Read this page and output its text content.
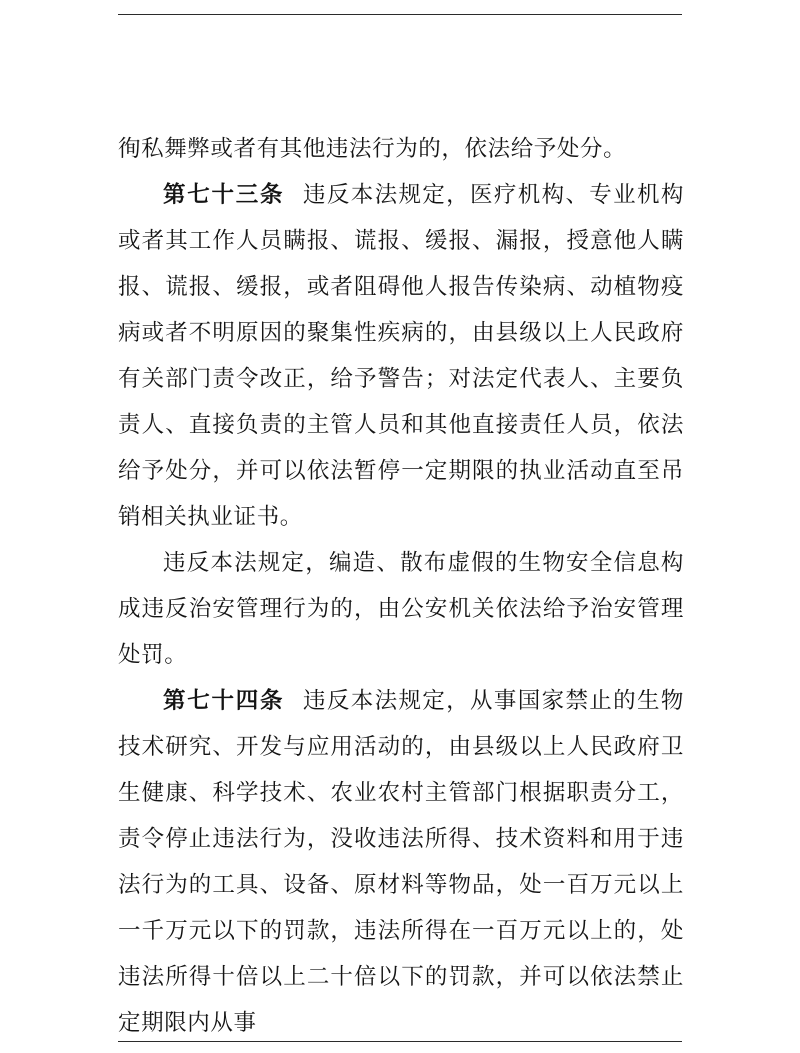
徇私舞弊或者有其他违法行为的，依法给予处分。

第七十三条 违反本法规定，医疗机构、专业机构或者其工作人员瞒报、谎报、缓报、漏报，授意他人瞒报、谎报、缓报，或者阻碍他人报告传染病、动植物疫病或者不明原因的聚集性疾病的，由县级以上人民政府有关部门责令改正，给予警告；对法定代表人、主要负责人、直接负责的主管人员和其他直接责任人员，依法给予处分，并可以依法暂停一定期限的执业活动直至吊销相关执业证书。

违反本法规定，编造、散布虚假的生物安全信息构成违反治安管理行为的，由公安机关依法给予治安管理处罚。

第七十四条 违反本法规定，从事国家禁止的生物技术研究、开发与应用活动的，由县级以上人民政府卫生健康、科学技术、农业农村主管部门根据职责分工，责令停止违法行为，没收违法所得、技术资料和用于违法行为的工具、设备、原材料等物品，处一百万元以上一千万元以下的罚款，违法所得在一百万元以上的，处违法所得十倍以上二十倍以下的罚款，并可以依法禁止定期限内从事
